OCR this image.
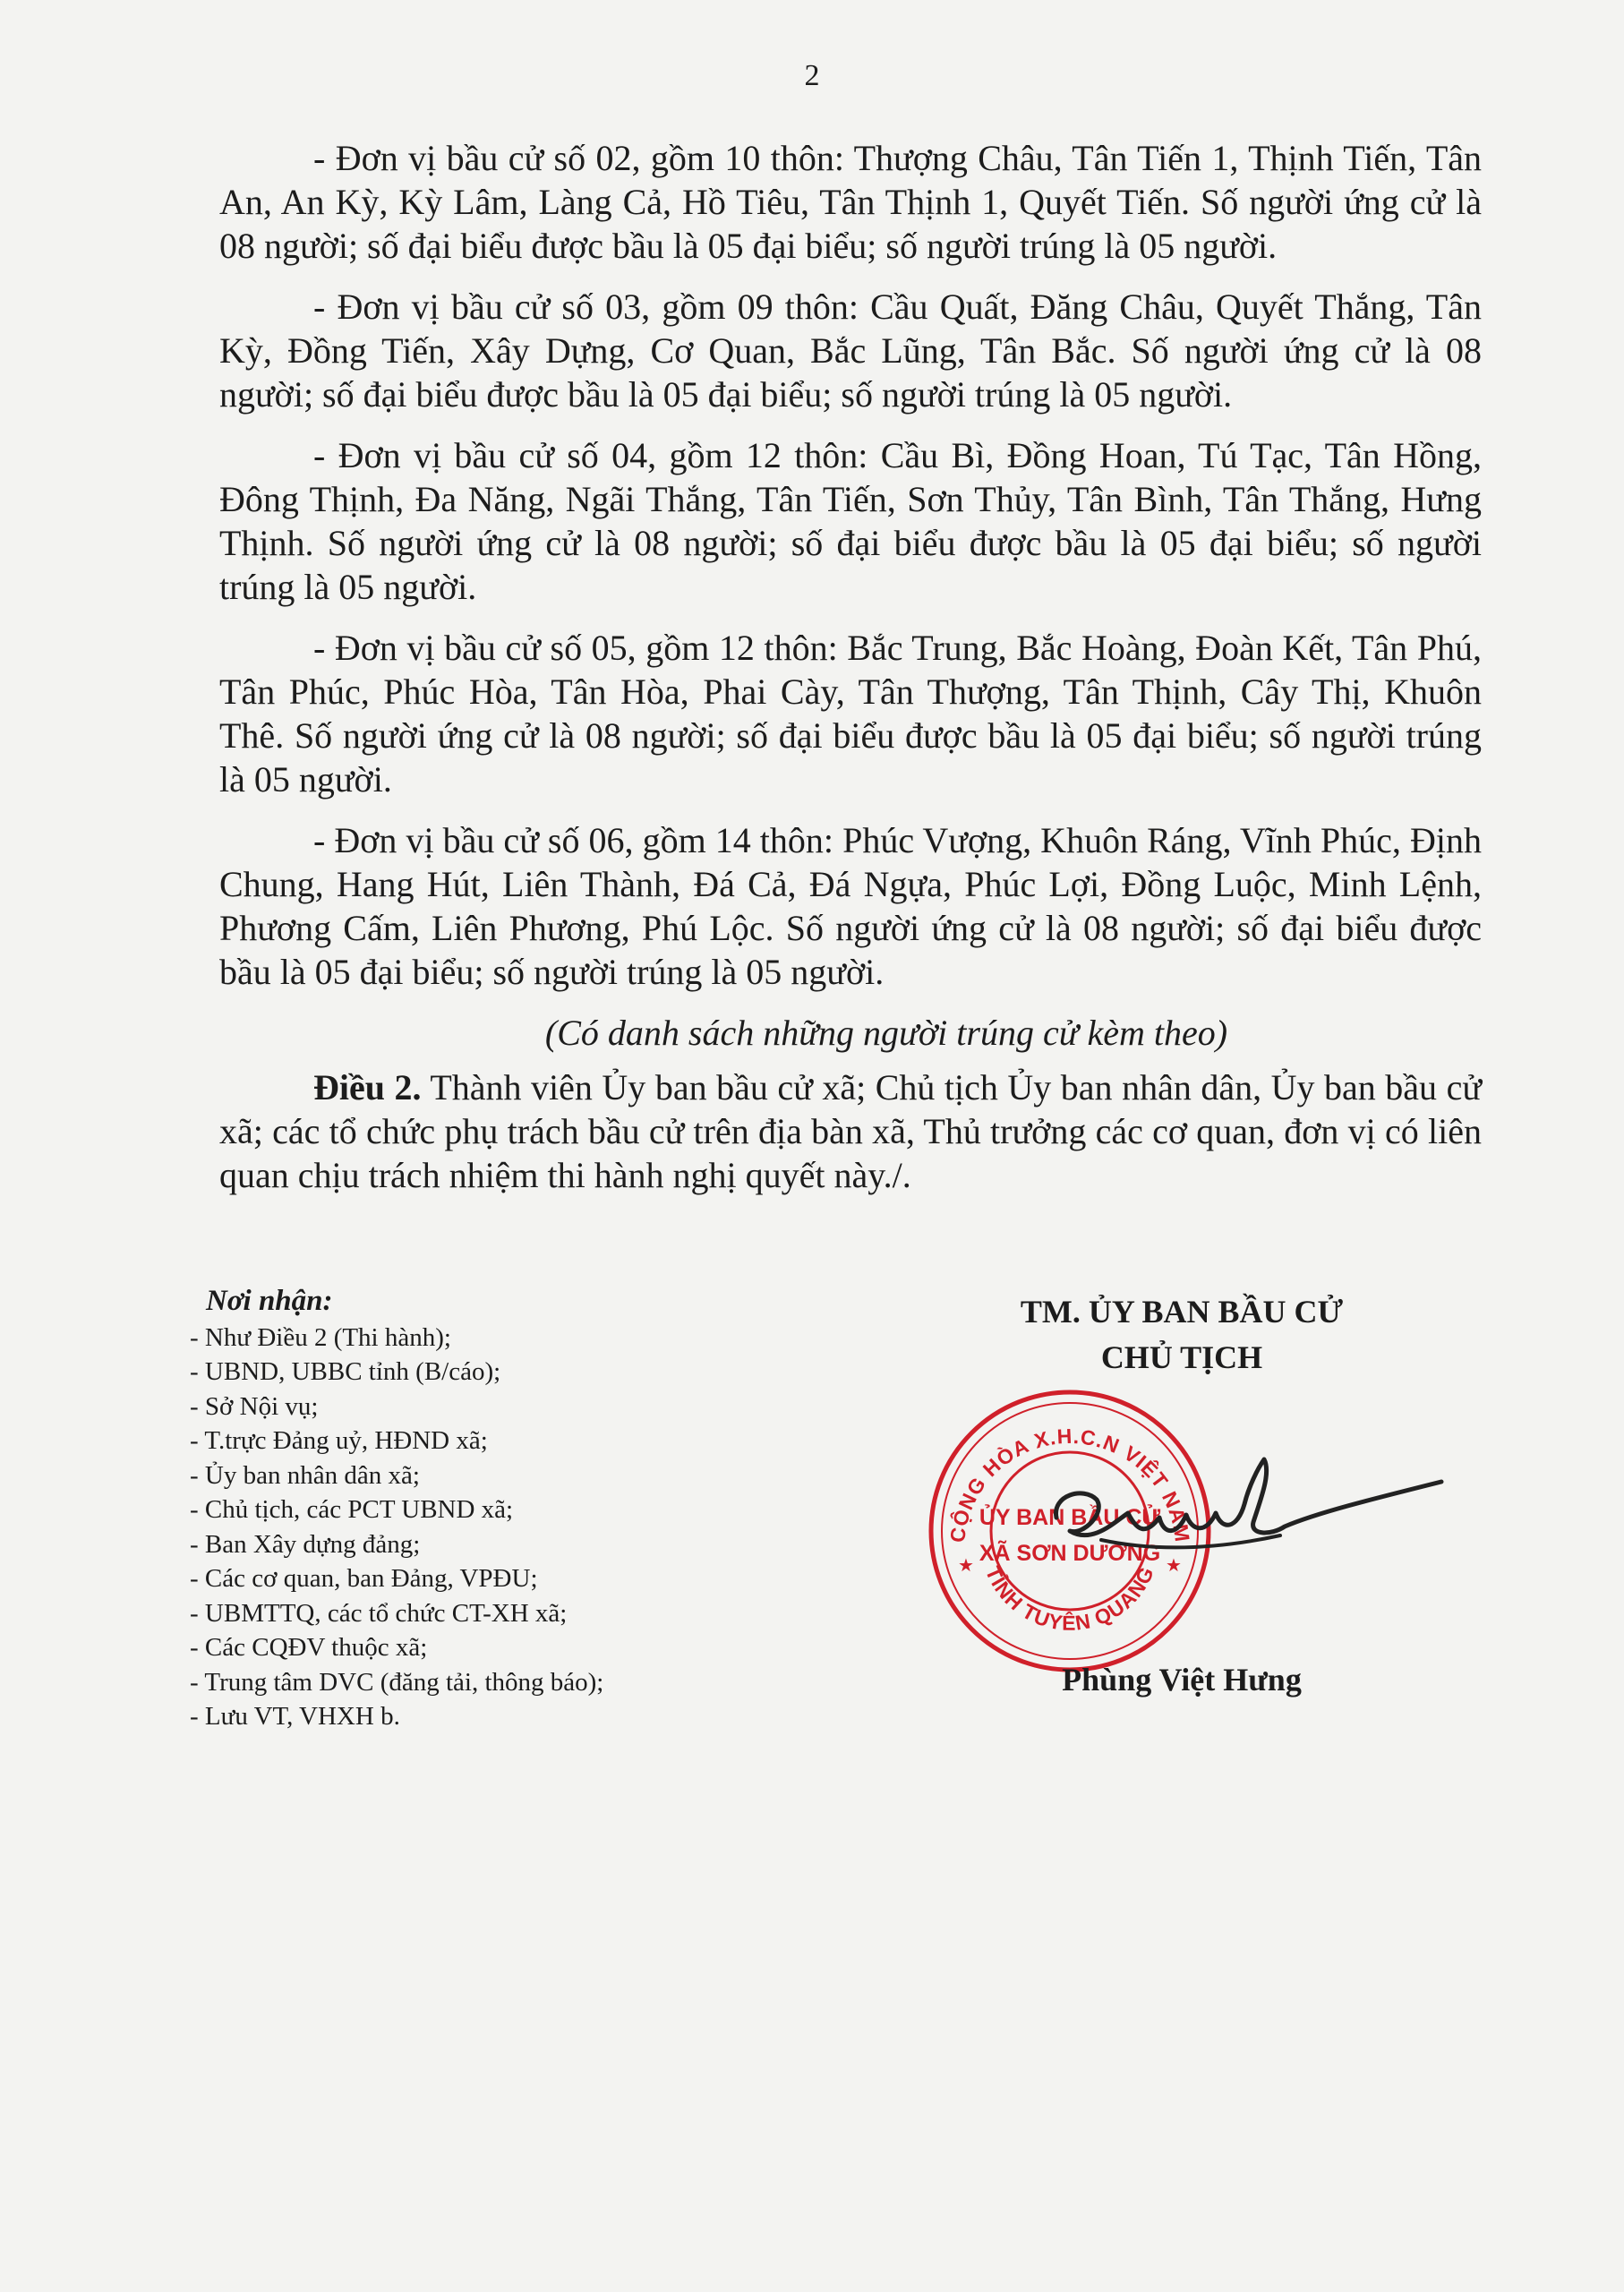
2

- Đơn vị bầu cử số 02, gồm 10 thôn: Thượng Châu, Tân Tiến 1, Thịnh Tiến, Tân An, An Kỳ, Kỳ Lâm, Làng Cả, Hồ Tiêu, Tân Thịnh 1, Quyết Tiến. Số người ứng cử là 08 người; số đại biểu được bầu là 05 đại biểu; số người trúng là 05 người.

- Đơn vị bầu cử số 03, gồm 09 thôn: Cầu Quất, Đăng Châu, Quyết Thắng, Tân Kỳ, Đồng Tiến, Xây Dựng, Cơ Quan, Bắc Lũng, Tân Bắc. Số người ứng cử là 08 người; số đại biểu được bầu là 05 đại biểu; số người trúng là 05 người.

- Đơn vị bầu cử số 04, gồm 12 thôn: Cầu Bì, Đồng Hoan, Tú Tạc, Tân Hồng, Đông Thịnh, Đa Năng, Ngãi Thắng, Tân Tiến, Sơn Thủy, Tân Bình, Tân Thắng, Hưng Thịnh. Số người ứng cử là 08 người; số đại biểu được bầu là 05 đại biểu; số người trúng là 05 người.

- Đơn vị bầu cử số 05, gồm 12 thôn: Bắc Trung, Bắc Hoàng, Đoàn Kết, Tân Phú, Tân Phúc, Phúc Hòa, Tân Hòa, Phai Cày, Tân Thượng, Tân Thịnh, Cây Thị, Khuôn Thê. Số người ứng cử là 08 người; số đại biểu được bầu là 05 đại biểu; số người trúng là 05 người.

- Đơn vị bầu cử số 06, gồm 14 thôn: Phúc Vượng, Khuôn Ráng, Vĩnh Phúc, Định Chung, Hang Hút, Liên Thành, Đá Cả, Đá Ngựa, Phúc Lợi, Đồng Luộc, Minh Lệnh, Phương Cấm, Liên Phương, Phú Lộc. Số người ứng cử là 08 người; số đại biểu được bầu là 05 đại biểu; số người trúng là 05 người.

(Có danh sách những người trúng cử kèm theo)

Điều 2. Thành viên Ủy ban bầu cử xã; Chủ tịch Ủy ban nhân dân, Ủy ban bầu cử xã; các tổ chức phụ trách bầu cử trên địa bàn xã, Thủ trưởng các cơ quan, đơn vị có liên quan chịu trách nhiệm thi hành nghị quyết này./.

Nơi nhận:
- Như Điều 2 (Thi hành);
- UBND, UBBC tỉnh (B/cáo);
- Sở Nội vụ;
- T.trực Đảng uỷ, HĐND xã;
- Ủy ban nhân dân xã;
- Chủ tịch, các PCT UBND xã;
- Ban Xây dựng đảng;
- Các cơ quan, ban Đảng, VPĐU;
- UBMTTQ, các tổ chức CT-XH xã;
- Các CQĐV thuộc xã;
- Trung tâm DVC (đăng tải, thông báo);
- Lưu VT, VHXH b.
TM. ỦY BAN BẦU CỬ
CHỦ TỊCH
CỘNG HÒA X.H.C.N VIỆT NAM
TỈNH TUYÊN QUANG
★	★
ỦY BAN BẦU CỬ
XÃ SƠN DƯƠNG
Phùng Việt Hưng
